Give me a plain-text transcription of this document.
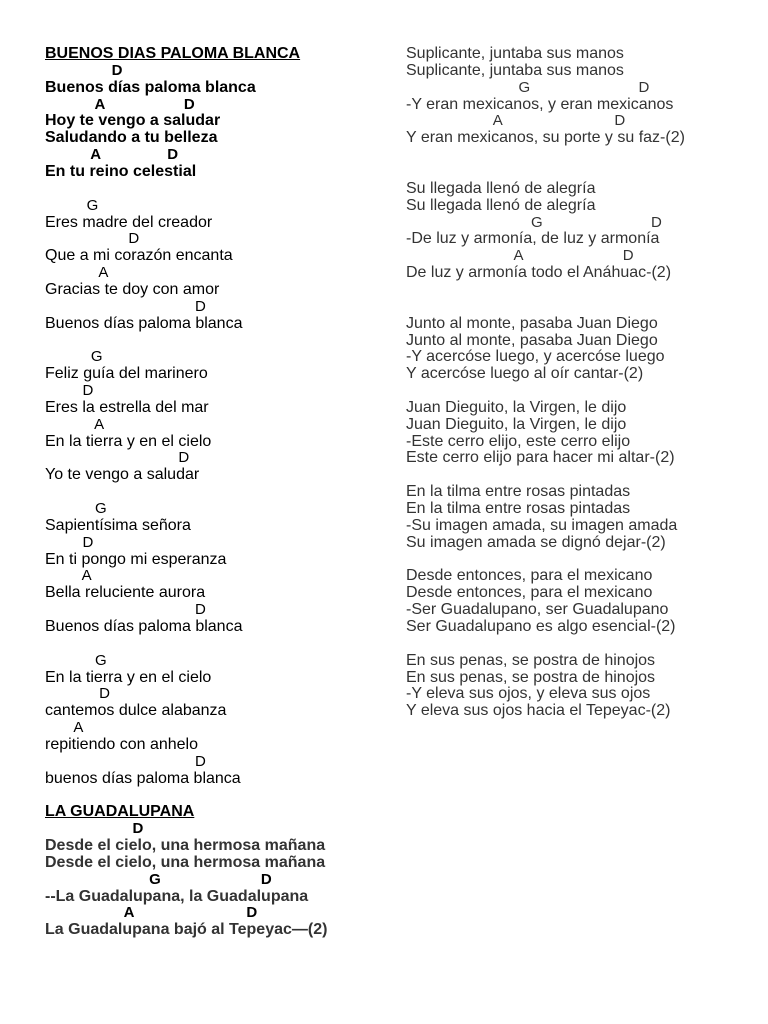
BUENOS DIAS PALOMA BLANCA
D
Buenos días paloma blanca
A                   D
Hoy te vengo a saludar
Saludando a tu belleza
A                D
En tu reino celestial
G
Eres madre del creador
D
Que a mi corazón encanta
A
Gracias te doy con amor
D
Buenos días paloma blanca
G
Feliz guía del marinero
D
Eres la estrella del mar
A
En la tierra y en el cielo
D
Yo te vengo a saludar
G
Sapientísima señora
D
En ti pongo mi esperanza
A
Bella reluciente aurora
D
Buenos días paloma blanca
G
En la tierra y en el cielo
D
cantemos dulce alabanza
A
repitiendo con anhelo
D
buenos días paloma blanca
LA GUADALUPANA
D
Desde el cielo, una hermosa mañana
Desde el cielo, una hermosa mañana
G                        D
--La Guadalupana, la Guadalupana
A                           D
La Guadalupana bajó al Tepeyac—(2)
Suplicante, juntaba sus manos
Suplicante, juntaba sus manos
G                          D
-Y eran mexicanos, y eran mexicanos
A                           D
Y eran mexicanos, su porte y su faz-(2)
Su llegada llenó de alegría
Su llegada llenó de alegría
G                          D
-De luz y armonía, de luz y armonía
A                        D
De luz y armonía todo el Anáhuac-(2)
Junto al monte, pasaba Juan Diego
Junto al monte, pasaba Juan Diego
-Y acercóse luego, y acercóse luego
Y acercóse luego al oír cantar-(2)
Juan Dieguito, la Virgen, le dijo
Juan Dieguito, la Virgen, le dijo
-Este cerro elijo, este cerro elijo
Este cerro elijo para hacer mi altar-(2)
En la tilma entre rosas pintadas
En la tilma entre rosas pintadas
-Su imagen amada, su imagen amada
Su imagen amada se dignó dejar-(2)
Desde entonces, para el mexicano
Desde entonces, para el mexicano
-Ser Guadalupano, ser Guadalupano
Ser Guadalupano es algo esencial-(2)
En sus penas, se postra de hinojos
En sus penas, se postra de hinojos
-Y eleva sus ojos, y eleva sus ojos
Y eleva sus ojos hacia el Tepeyac-(2)
